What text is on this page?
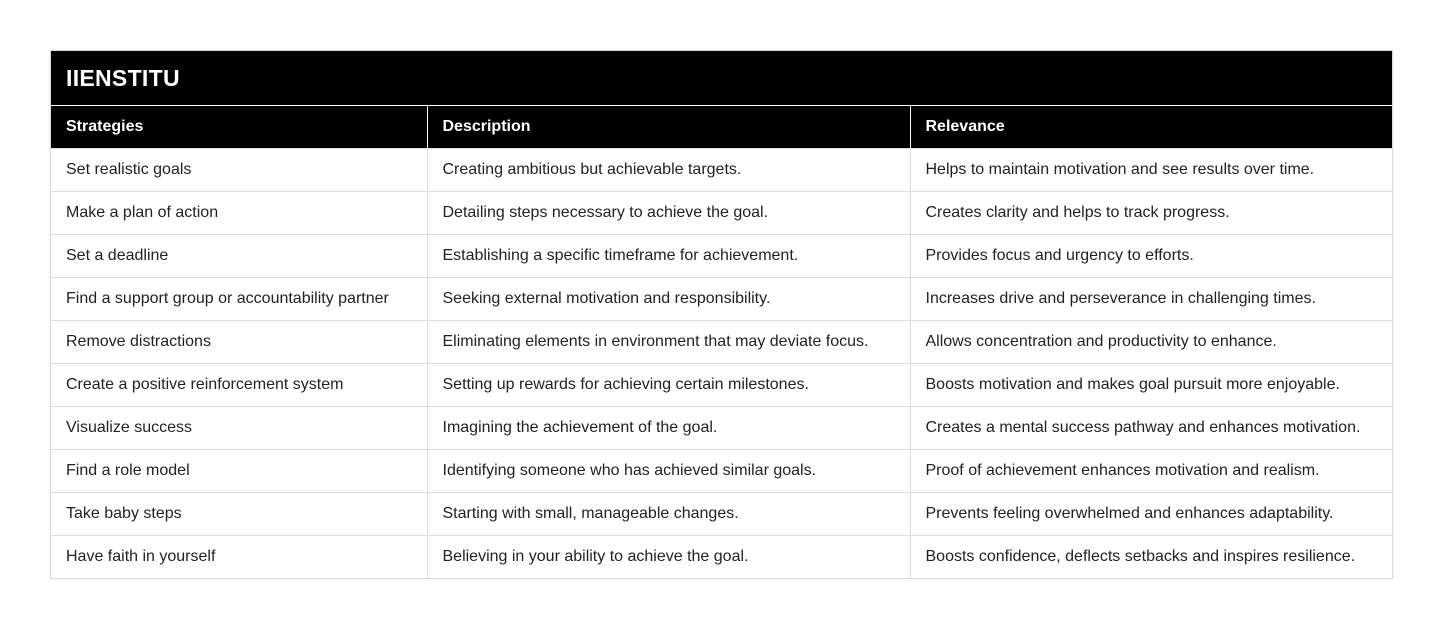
IIENSTITU		
Strategies	Description	Relevance
Set realistic goals	Creating ambitious but achievable targets.	Helps to maintain motivation and see results over time.
Make a plan of action	Detailing steps necessary to achieve the goal.	Creates clarity and helps to track progress.
Set a deadline	Establishing a specific timeframe for achievement.	Provides focus and urgency to efforts.
Find a support group or accountability partner	Seeking external motivation and responsibility.	Increases drive and perseverance in challenging times.
Remove distractions	Eliminating elements in environment that may deviate focus.	Allows concentration and productivity to enhance.
Create a positive reinforcement system	Setting up rewards for achieving certain milestones.	Boosts motivation and makes goal pursuit more enjoyable.
Visualize success	Imagining the achievement of the goal.	Creates a mental success pathway and enhances motivation.
Find a role model	Identifying someone who has achieved similar goals.	Proof of achievement enhances motivation and realism.
Take baby steps	Starting with small, manageable changes.	Prevents feeling overwhelmed and enhances adaptability.
Have faith in yourself	Believing in your ability to achieve the goal.	Boosts confidence, deflects setbacks and inspires resilience.
